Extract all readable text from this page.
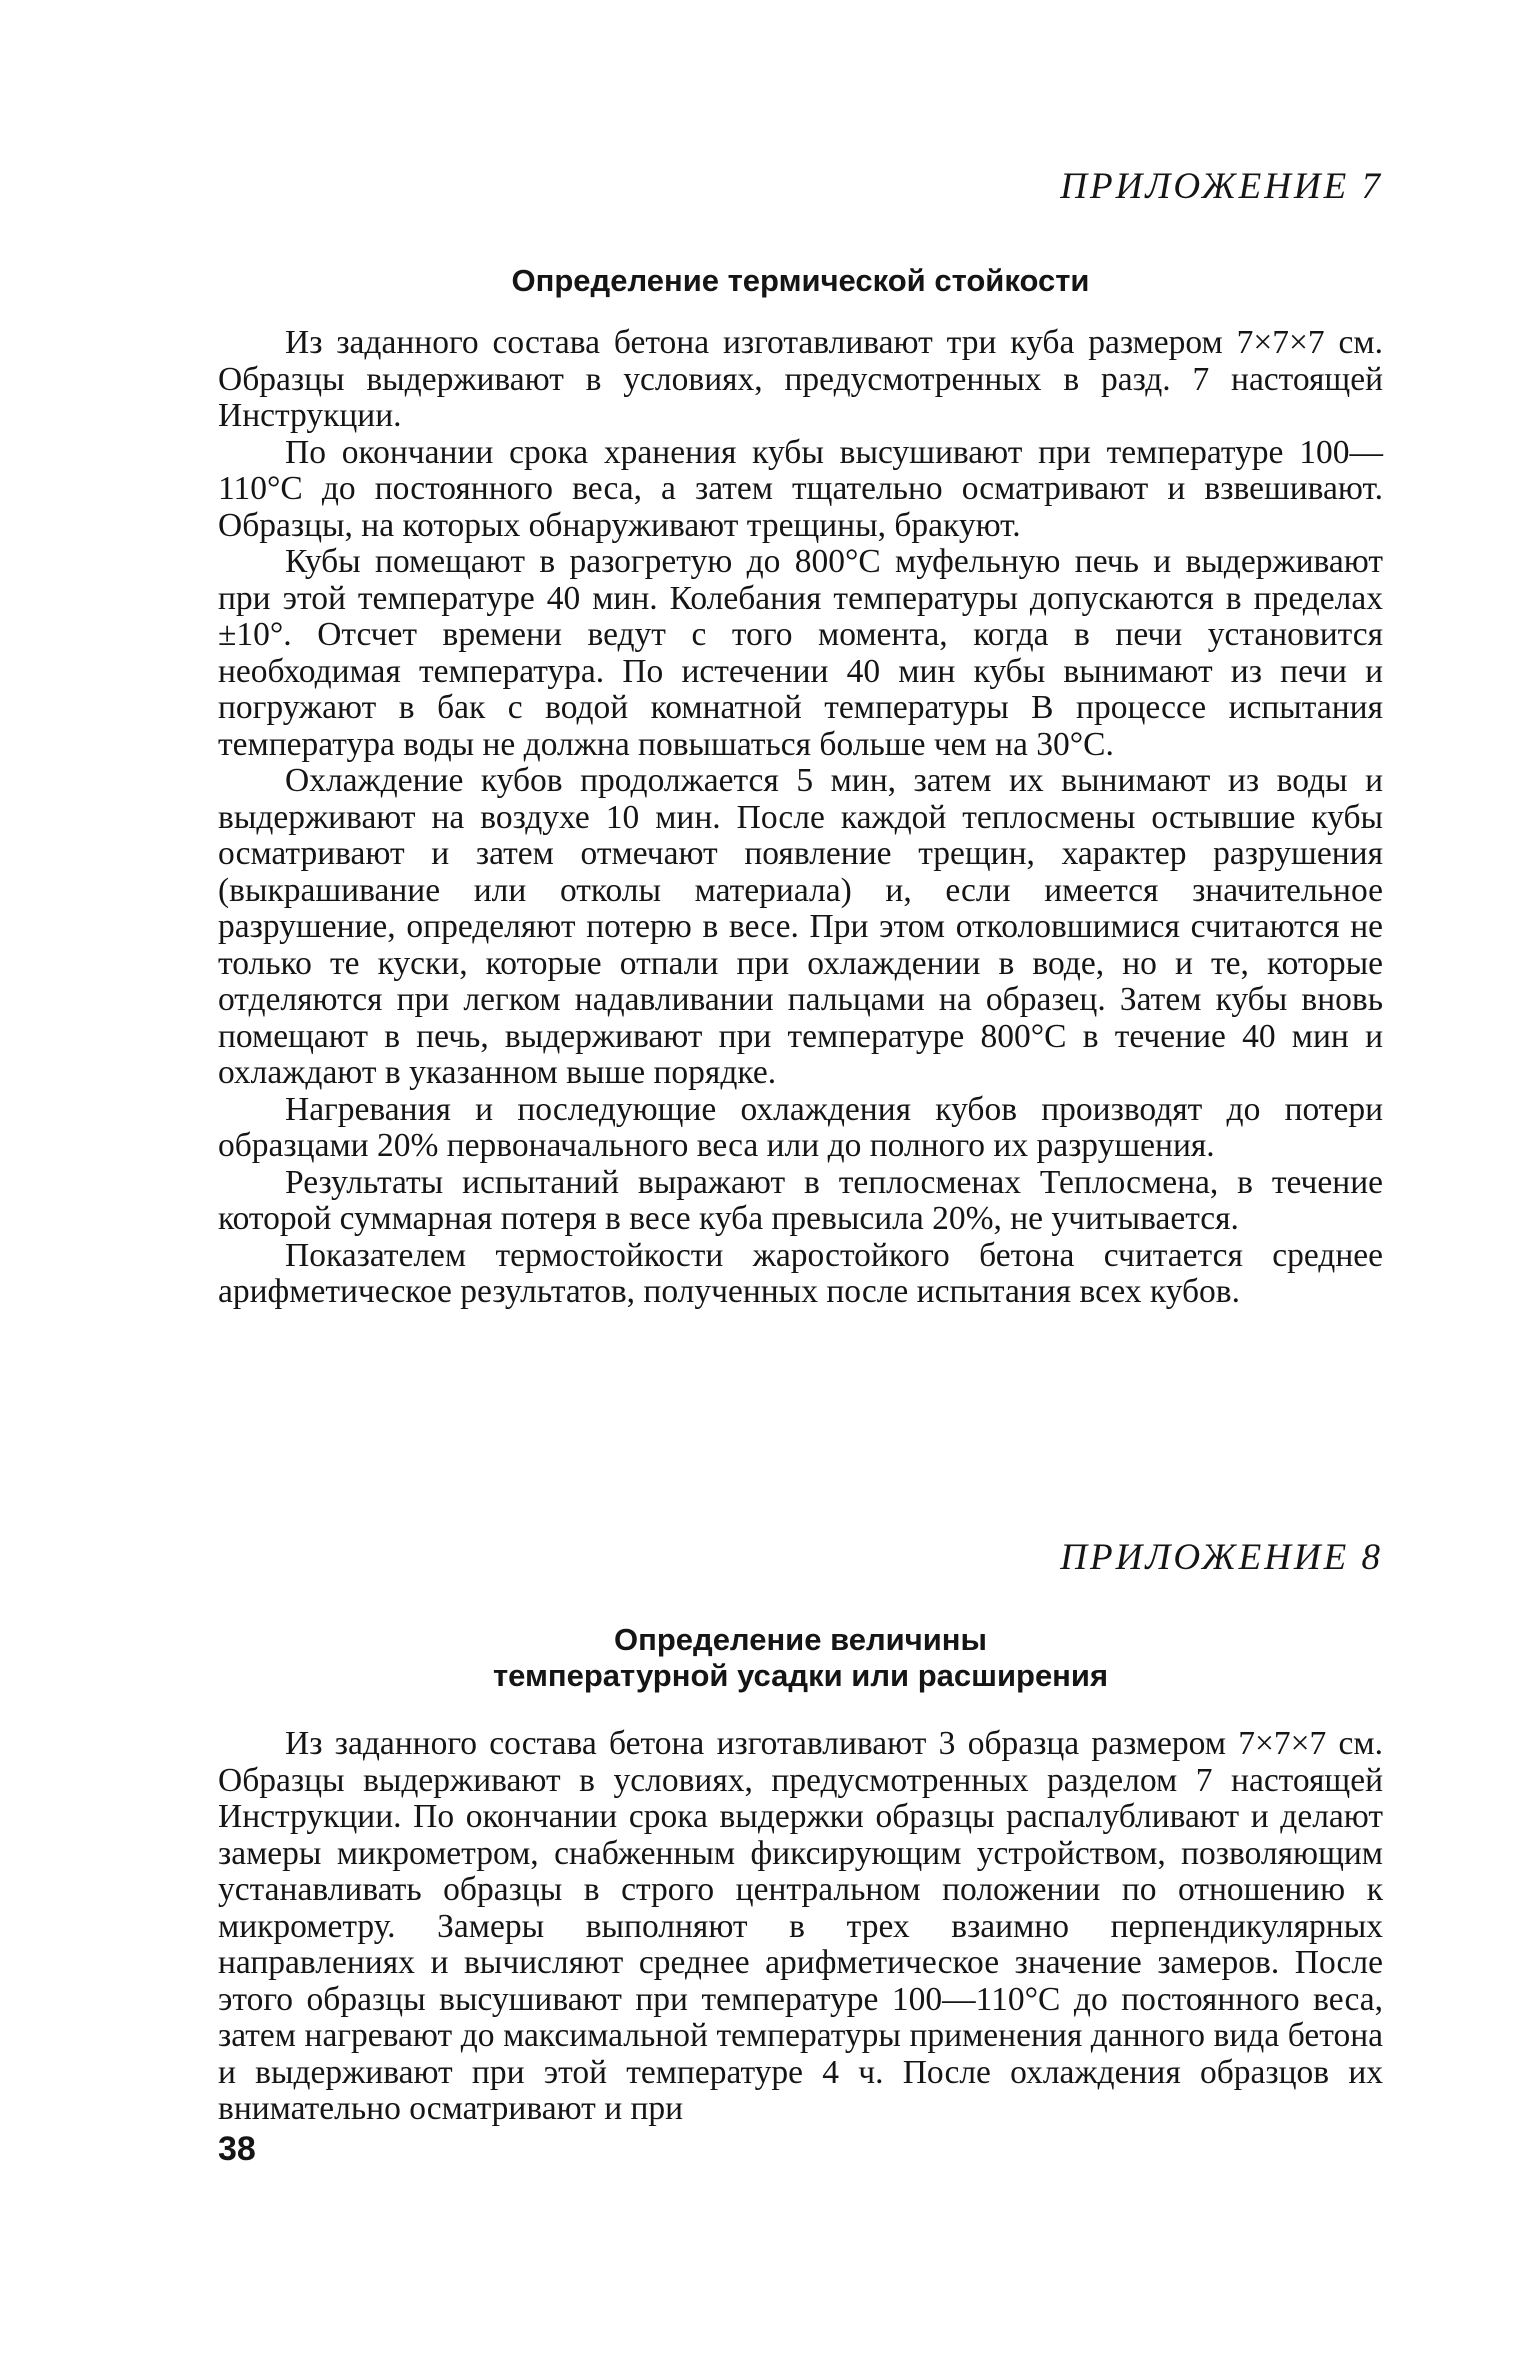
ПРИЛОЖЕНИЕ 7
Определение термической стойкости

Из заданного состава бетона изготавливают три куба размером 7×7×7 см. Образцы выдерживают в условиях, предусмотренных в разд. 7 настоящей Инструкции.

По окончании срока хранения кубы высушивают при температуре 100—110°С до постоянного веса, а затем тщательно осматривают и взвешивают. Образцы, на которых обнаруживают трещины, бракуют.

Кубы помещают в разогретую до 800°С муфельную печь и выдерживают при этой температуре 40 мин. Колебания температуры допускаются в пределах ±10°. Отсчет времени ведут с того момента, когда в печи установится необходимая температура. По истечении 40 мин кубы вынимают из печи и погружают в бак с водой комнатной температуры В процессе испытания температура воды не должна повышаться больше чем на 30°С.

Охлаждение кубов продолжается 5 мин, затем их вынимают из воды и выдерживают на воздухе 10 мин. После каждой теплосмены остывшие кубы осматривают и затем отмечают появление трещин, характер разрушения (выкрашивание или отколы материала) и, если имеется значительное разрушение, определяют потерю в весе. При этом отколовшимися считаются не только те куски, которые отпали при охлаждении в воде, но и те, которые отделяются при легком надавливании пальцами на образец. Затем кубы вновь помещают в печь, выдерживают при температуре 800°С в течение 40 мин и охлаждают в указанном выше порядке.

Нагревания и последующие охлаждения кубов производят до потери образцами 20% первоначального веса или до полного их разрушения.

Результаты испытаний выражают в теплосменах Теплосмена, в течение которой суммарная потеря в весе куба превысила 20%, не учитывается.

Показателем термостойкости жаростойкого бетона считается среднее арифметическое результатов, полученных после испытания всех кубов.

ПРИЛОЖЕНИЕ 8
Определение величины
температурной усадки или расширения

Из заданного состава бетона изготавливают 3 образца размером 7×7×7 см. Образцы выдерживают в условиях, предусмотренных разделом 7 настоящей Инструкции. По окончании срока выдержки образцы распалубливают и делают замеры микрометром, снабженным фиксирующим устройством, позволяющим устанавливать образцы в строго центральном положении по отношению к микрометру. Замеры выполняют в трех взаимно перпендикулярных направлениях и вычисляют среднее арифметическое значение замеров. После этого образцы высушивают при температуре 100—110°С до постоянного веса, затем нагревают до максимальной температуры применения данного вида бетона и выдерживают при этой температуре 4 ч. После охлаждения образцов их внимательно осматривают и при

38
